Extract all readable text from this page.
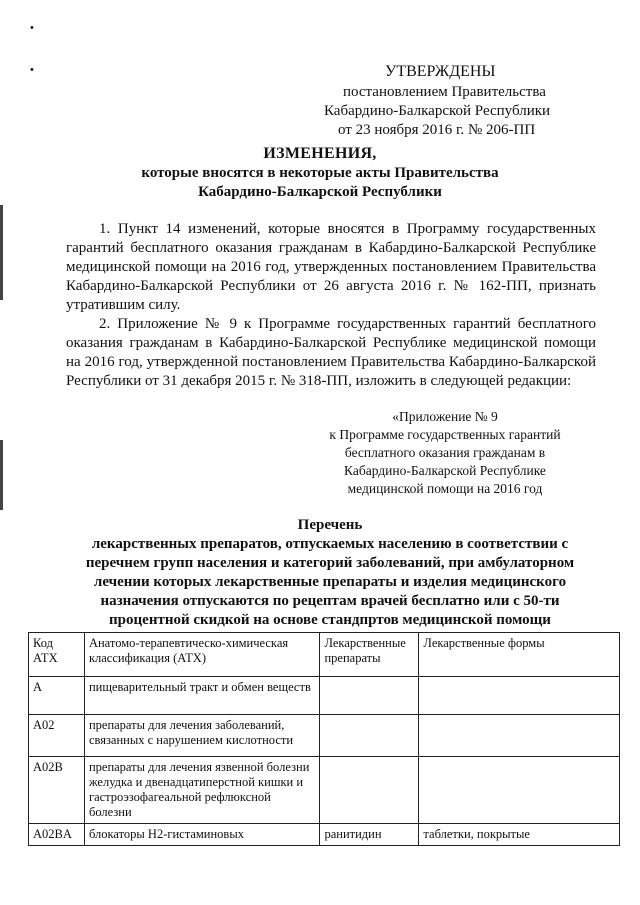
•
•	УТВЕРЖДЕНЫ
постановлением Правительства
Кабардино-Балкарской Республики
от 23 ноября 2016 г. № 206-ПП
ИЗМЕНЕНИЯ,
которые вносятся в некоторые акты Правительства
Кабардино-Балкарской Республики

1. Пункт 14 изменений, которые вносятся в Программу государственных гарантий бесплатного оказания гражданам в Кабардино-Балкарской Республике медицинской помощи на 2016 год, утвержденных постановлением Правительства Кабардино-Балкарской Республики от 26 августа 2016 г. № 162-ПП, признать утратившим силу.

2. Приложение № 9 к Программе государственных гарантий бесплатного оказания гражданам в Кабардино-Балкарской Республике медицинской помощи на 2016 год, утвержденной постановлением Правительства Кабардино-Балкарской Республики от 31 декабря 2015 г. № 318-ПП, изложить в следующей редакции:

«Приложение № 9
к Программе государственных гарантий
бесплатного оказания гражданам в
Кабардино-Балкарской Республике
медицинской помощи на 2016 год
Перечень
лекарственных препаратов, отпускаемых населению в соответствии с
перечнем групп населения и категорий заболеваний, при амбулаторном
лечении которых лекарственные препараты и изделия медицинского
назначения отпускаются по рецептам врачей бесплатно или с 50-ти
процентной скидкой на основе стандпртов медицинской помощи
Код АТХ	Анатомо-терапевтическо-химическая классификация (АТХ)	Лекарственные препараты	Лекарственные формы
A	пищеварительный тракт и обмен веществ		
A02	препараты для лечения заболеваний, связанных с нарушением кислотности		
A02B	препараты для лечения язвенной болезни желудка и двенадцатиперстной кишки и гастроэзофагеальной рефлюксной болезни		
A02BA	блокаторы Н2-гистаминовых	ранитидин	таблетки, покрытые
